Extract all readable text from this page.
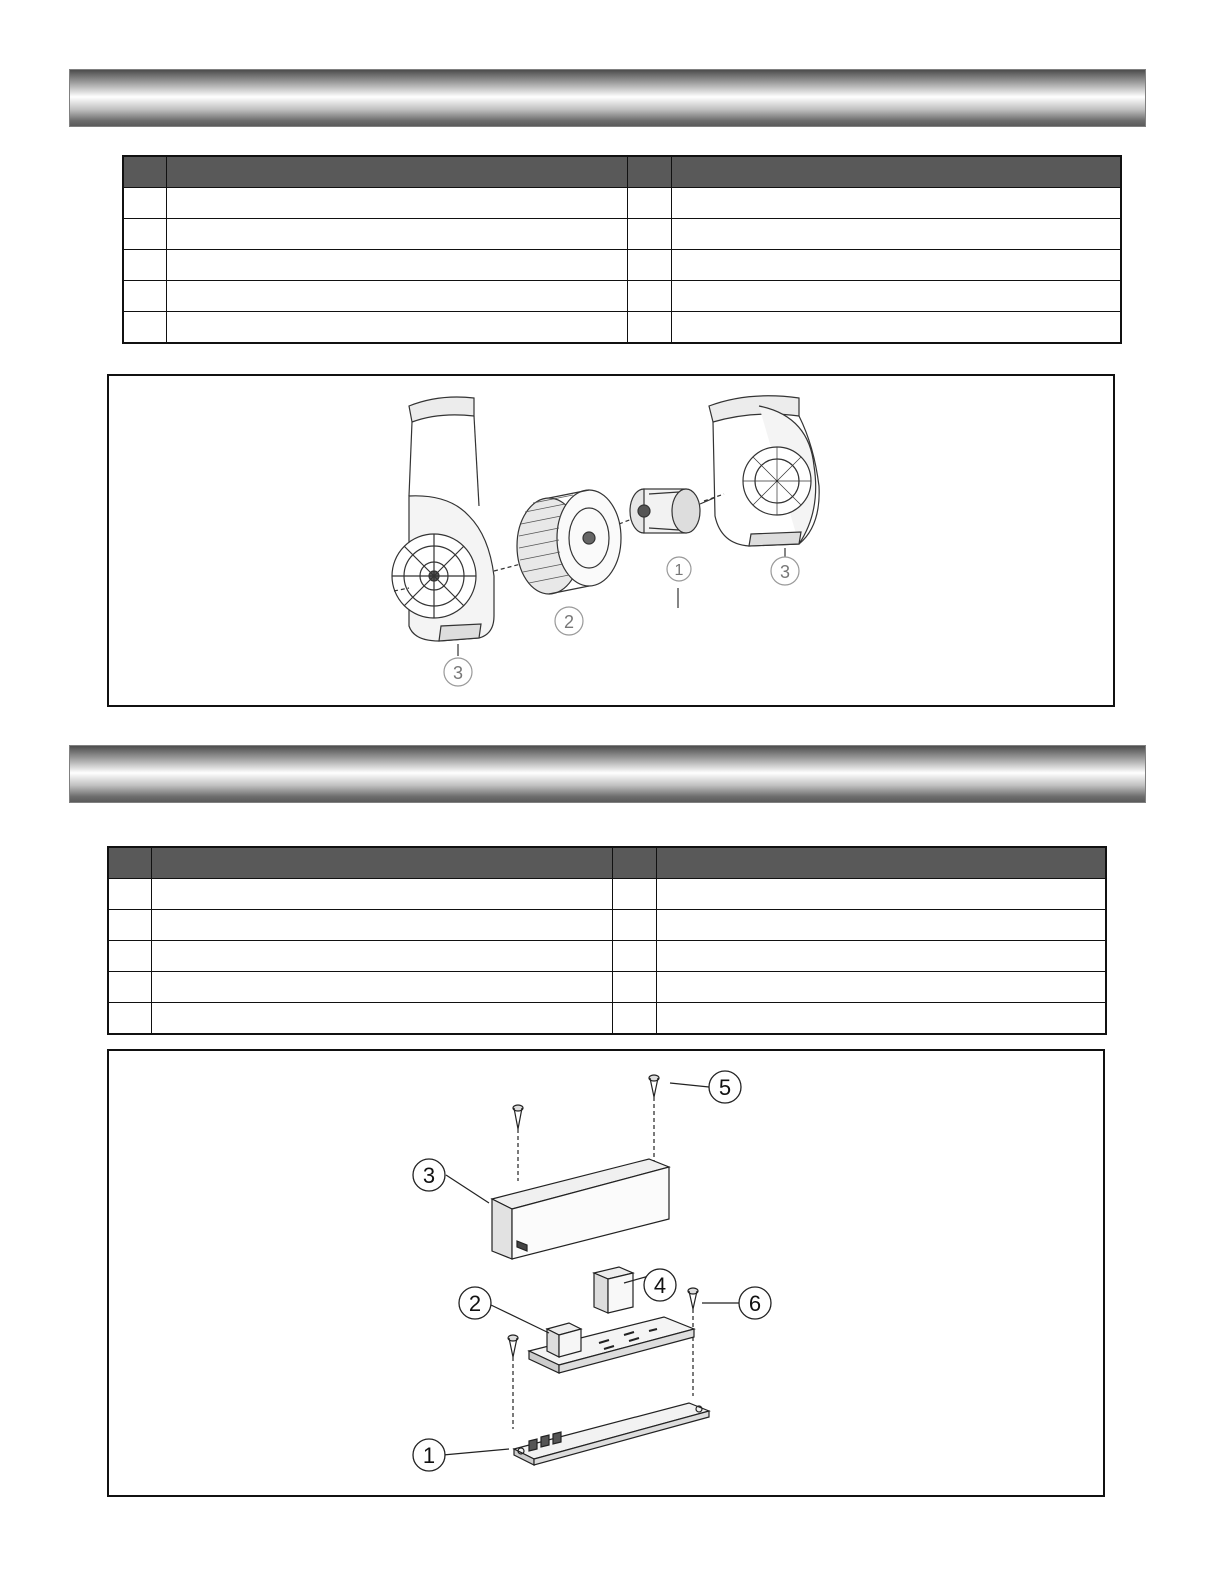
1
2
3
3

1
2
3
4
5
6
